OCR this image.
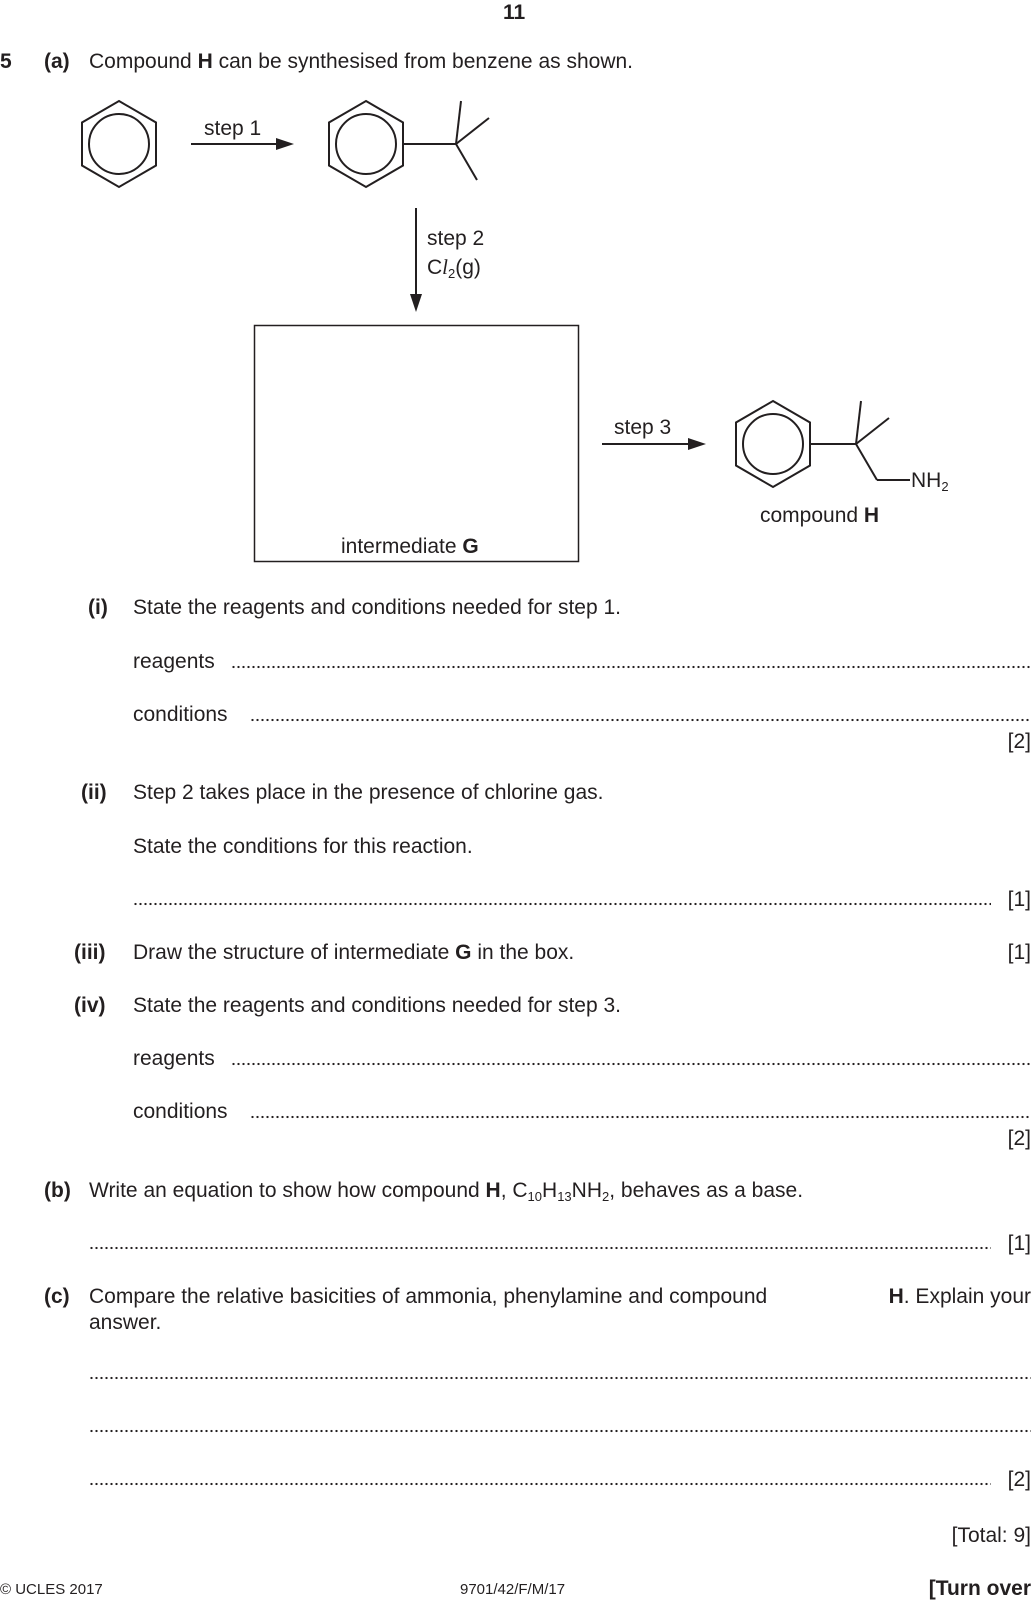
11
5 (a) Compound H can be synthesised from benzene as shown.
step 1
step 2
$Cl_2(g)$
step 3
$NH_2$
compound H
intermediate G
(i) State the reagents and conditions needed for step 1.
reagents
conditions
[2]
(ii) Step 2 takes place in the presence of chlorine gas.
State the conditions for this reaction.
[1]
(iii) Draw the structure of intermediate G in the box.	[1]
(iv) State the reagents and conditions needed for step 3.
reagents
conditions
[2]
(b) Write an equation to show how compound H, $C_{10}H_{13}NH_2$, behaves as a base.
[1]
(c) Compare the relative basicities of ammonia, phenylamine and compound	H. Explain your
answer.
[2]
[Total: 9]
© UCLES 2017	9701/42/F/M/17	[Turn over
